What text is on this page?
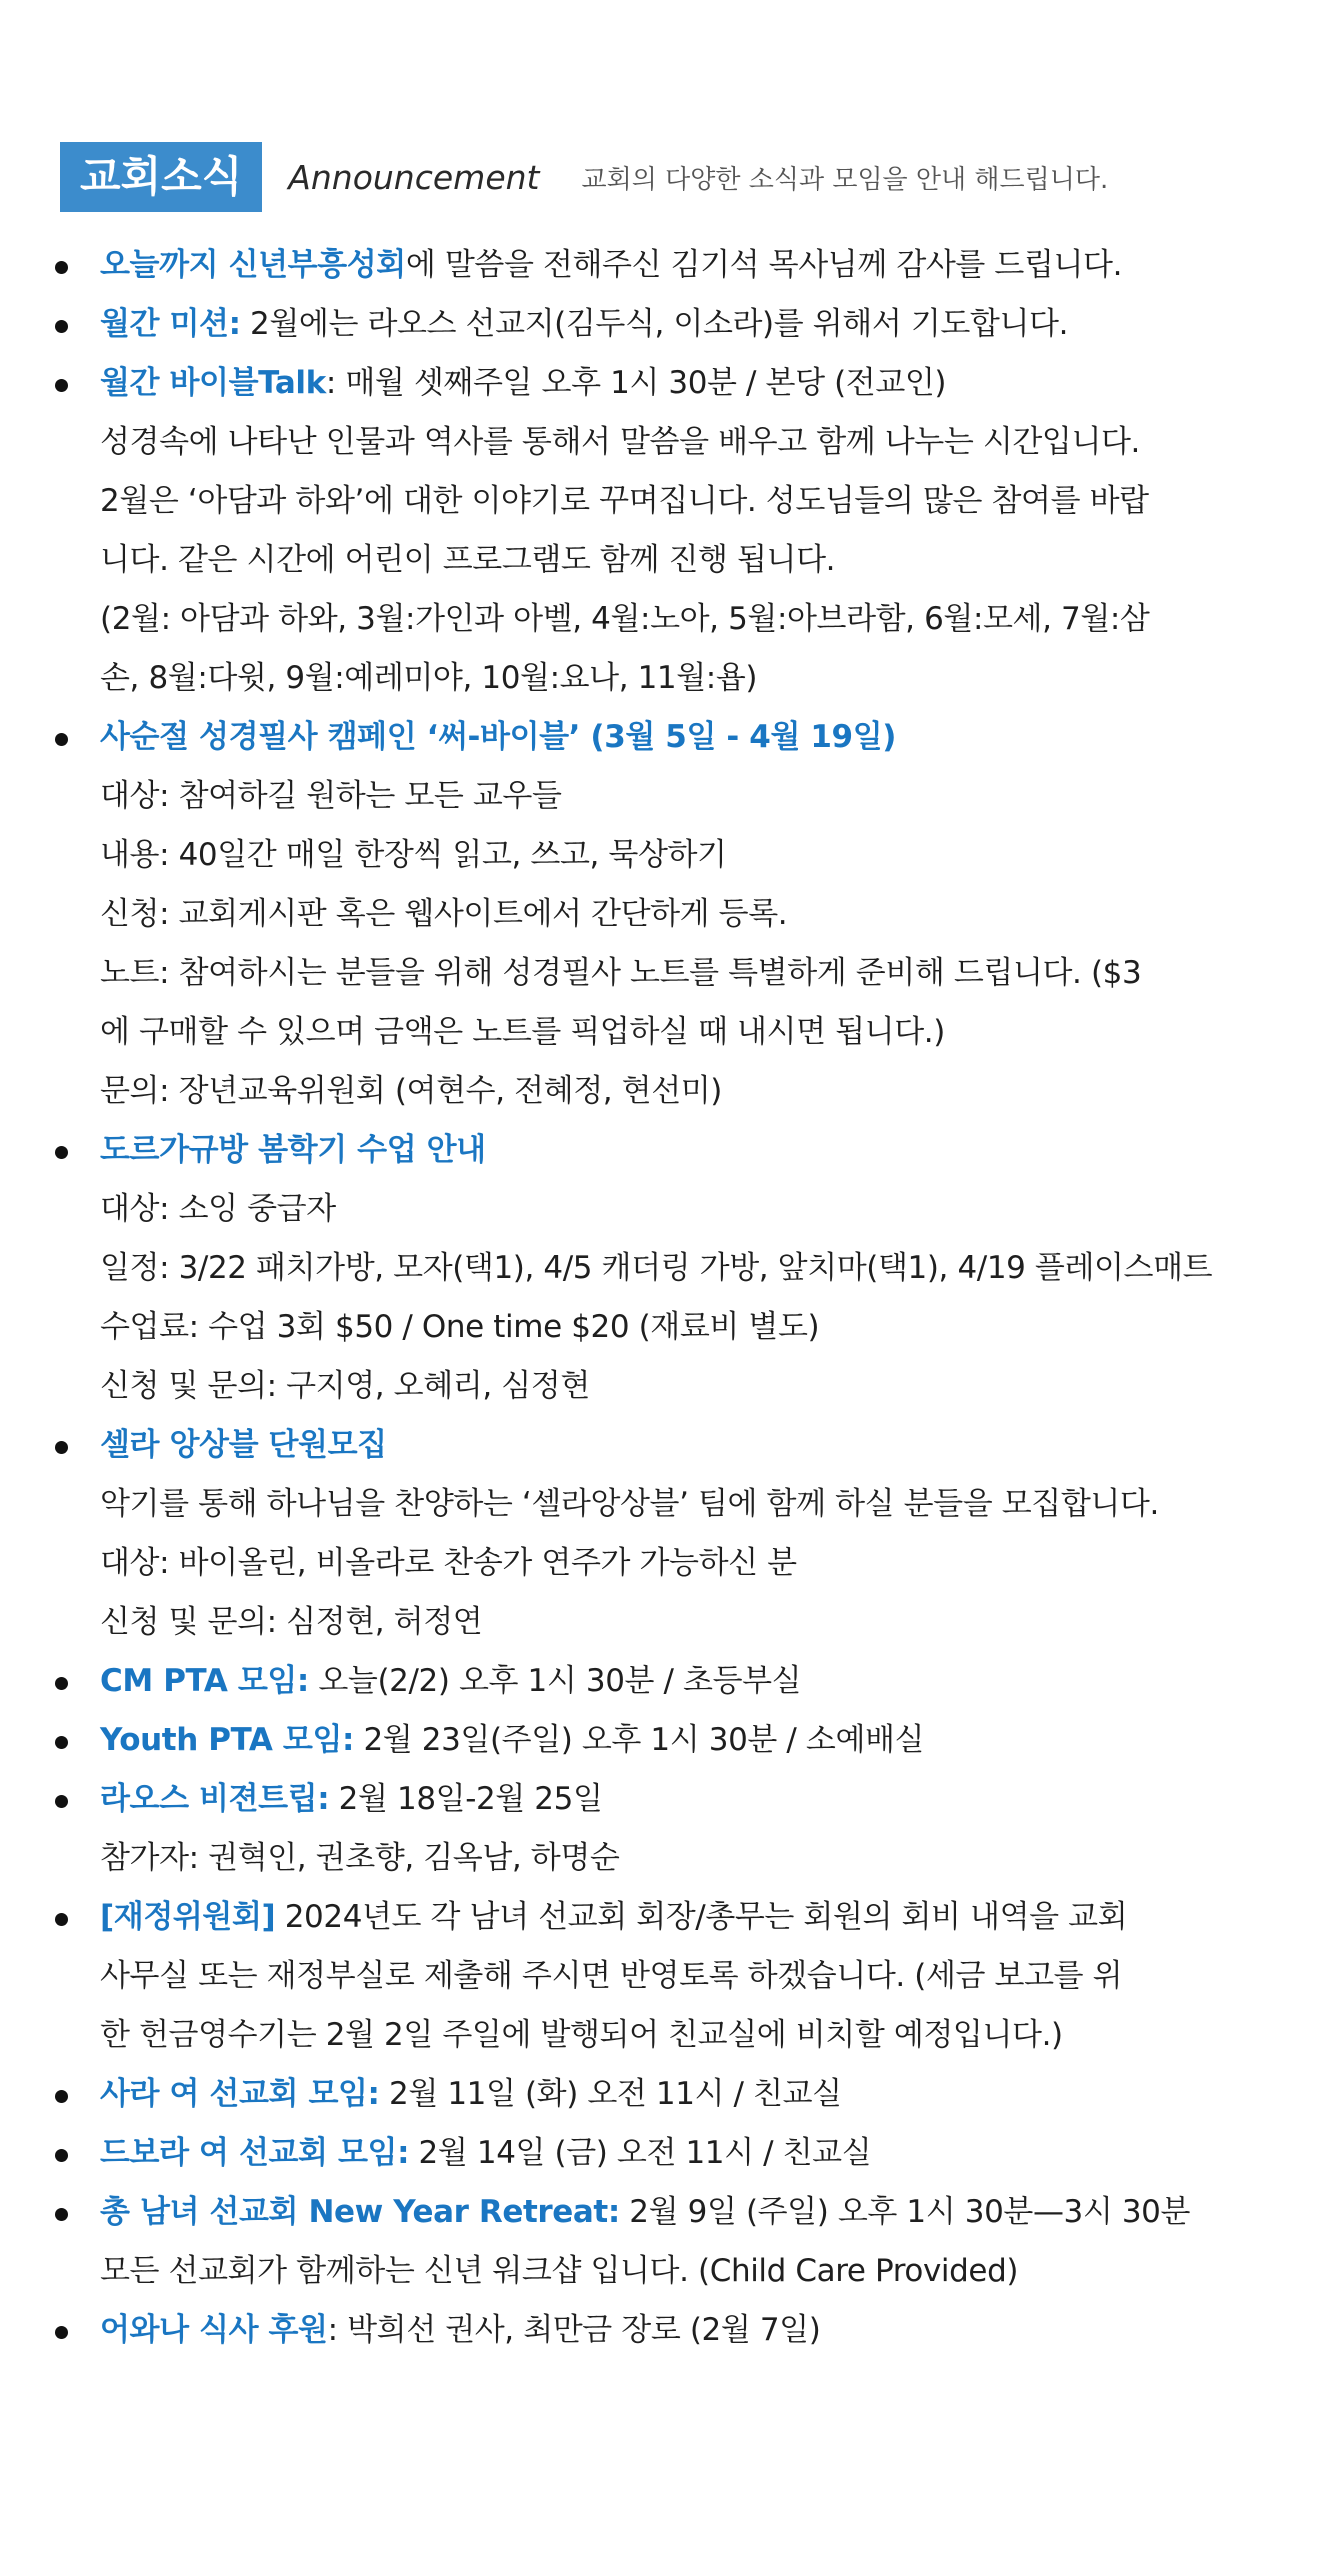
교회소식	Announcement 교회의 다양한 소식과 모임을 안내 해드립니다.
오늘까지 신년부흥성회에 말씀을 전해주신 김기석 목사님께 감사를 드립니다.
월간 미션: 2월에는 라오스 선교지(김두식, 이소라)를 위해서 기도합니다.
월간 바이블Talk: 매월 셋째주일 오후 1시 30분 / 본당 (전교인)
성경속에 나타난 인물과 역사를 통해서 말씀을 배우고 함께 나누는 시간입니다.
2월은 ‘아담과 하와’에 대한 이야기로 꾸며집니다. 성도님들의 많은 참여를 바랍
니다. 같은 시간에 어린이 프로그램도 함께 진행 됩니다.
(2월: 아담과 하와, 3월:가인과 아벨, 4월:노아, 5월:아브라함, 6월:모세, 7월:삼
손, 8월:다윗, 9월:예레미야, 10월:요나, 11월:욥)
사순절 성경필사 캠페인 ‘써-바이블’ (3월 5일 - 4월 19일)
대상: 참여하길 원하는 모든 교우들
내용: 40일간 매일 한장씩 읽고, 쓰고, 묵상하기
신청: 교회게시판 혹은 웹사이트에서 간단하게 등록.
노트: 참여하시는 분들을 위해 성경필사 노트를 특별하게 준비해 드립니다. ($3
에 구매할 수 있으며 금액은 노트를 픽업하실 때 내시면 됩니다.)
문의: 장년교육위원회 (여현수, 전혜정, 현선미)
도르가규방 봄학기 수업 안내
대상: 소잉 중급자
일정: 3/22 패치가방, 모자(택1), 4/5 캐더링 가방, 앞치마(택1), 4/19 플레이스매트
수업료: 수업 3회 $50 / One time $20 (재료비 별도)
신청 및 문의: 구지영, 오혜리, 심정현
셀라 앙상블 단원모집
악기를 통해 하나님을 찬양하는 ‘셀라앙상블’ 팀에 함께 하실 분들을 모집합니다.
대상: 바이올린, 비올라로 찬송가 연주가 가능하신 분
신청 및 문의: 심정현, 허정연
CM PTA 모임: 오늘(2/2) 오후 1시 30분 / 초등부실
Youth PTA 모임: 2월 23일(주일) 오후 1시 30분 / 소예배실
라오스 비젼트립: 2월 18일-2월 25일
참가자: 권혁인, 권초향, 김옥남, 하명순
[재정위원회] 2024년도 각 남녀 선교회 회장/총무는 회원의 회비 내역을 교회
사무실 또는 재정부실로 제출해 주시면 반영토록 하겠습니다. (세금 보고를 위
한 헌금영수기는 2월 2일 주일에 발행되어 친교실에 비치할 예정입니다.)
사라 여 선교회 모임: 2월 11일 (화) 오전 11시 / 친교실
드보라 여 선교회 모임: 2월 14일 (금) 오전 11시 / 친교실
총 남녀 선교회 New Year Retreat: 2월 9일 (주일) 오후 1시 30분—3시 30분
모든 선교회가 함께하는 신년 워크샵 입니다. (Child Care Provided)
어와나 식사 후원: 박희선 권사, 최만금 장로 (2월 7일)
